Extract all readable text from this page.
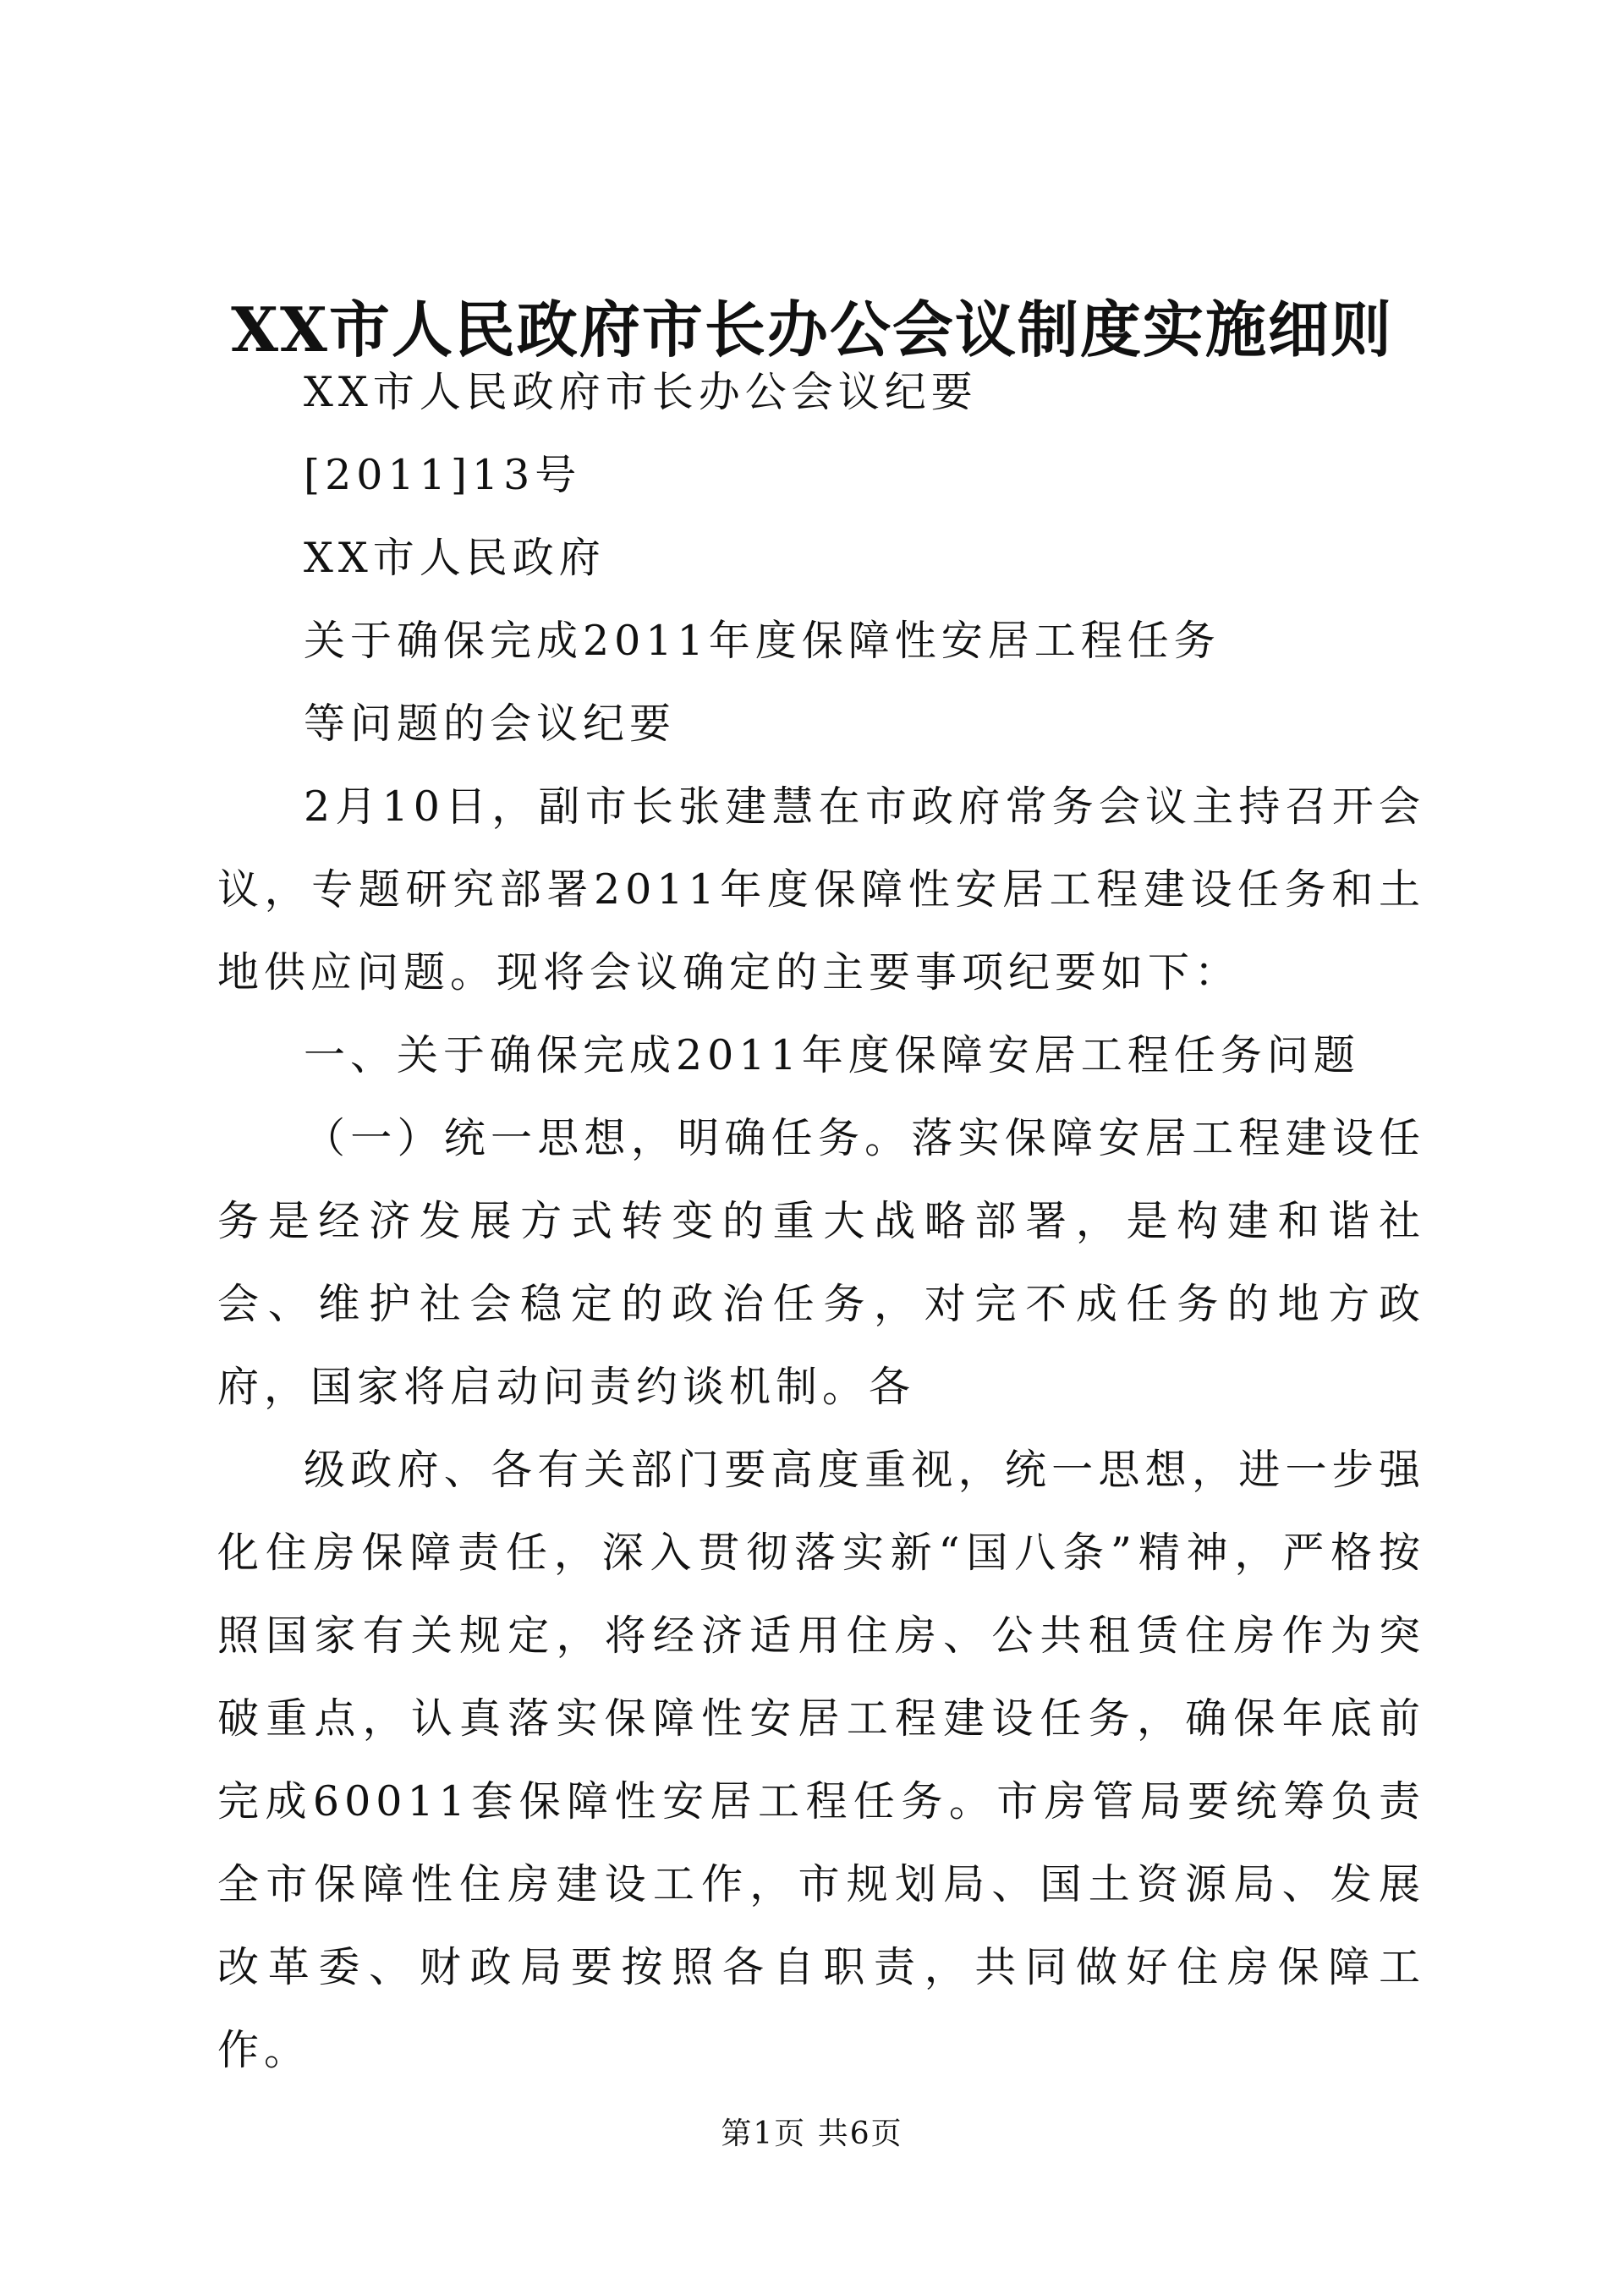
XX市人民政府市长办公会议制度实施细则

XX市人民政府市长办公会议纪要

[2011]13号

XX市人民政府

关于确保完成2011年度保障性安居工程任务

等问题的会议纪要

2月10日，副市长张建慧在市政府常务会议主持召开会议，专题研究部署2011年度保障性安居工程建设任务和土地供应问题。现将会议确定的主要事项纪要如下：

一、关于确保完成2011年度保障安居工程任务问题

（一）统一思想，明确任务。落实保障安居工程建设任务是经济发展方式转变的重大战略部署，是构建和谐社会、维护社会稳定的政治任务，对完不成任务的地方政府，国家将启动问责约谈机制。各

级政府、各有关部门要高度重视，统一思想，进一步强化住房保障责任，深入贯彻落实新“国八条”精神，严格按照国家有关规定，将经济适用住房、公共租赁住房作为突破重点，认真落实保障性安居工程建设任务，确保年底前完成60011套保障性安居工程任务。市房管局要统筹负责全市保障性住房建设工作，市规划局、国土资源局、发展改革委、财政局要按照各自职责，共同做好住房保障工作。

第1页 共6页
